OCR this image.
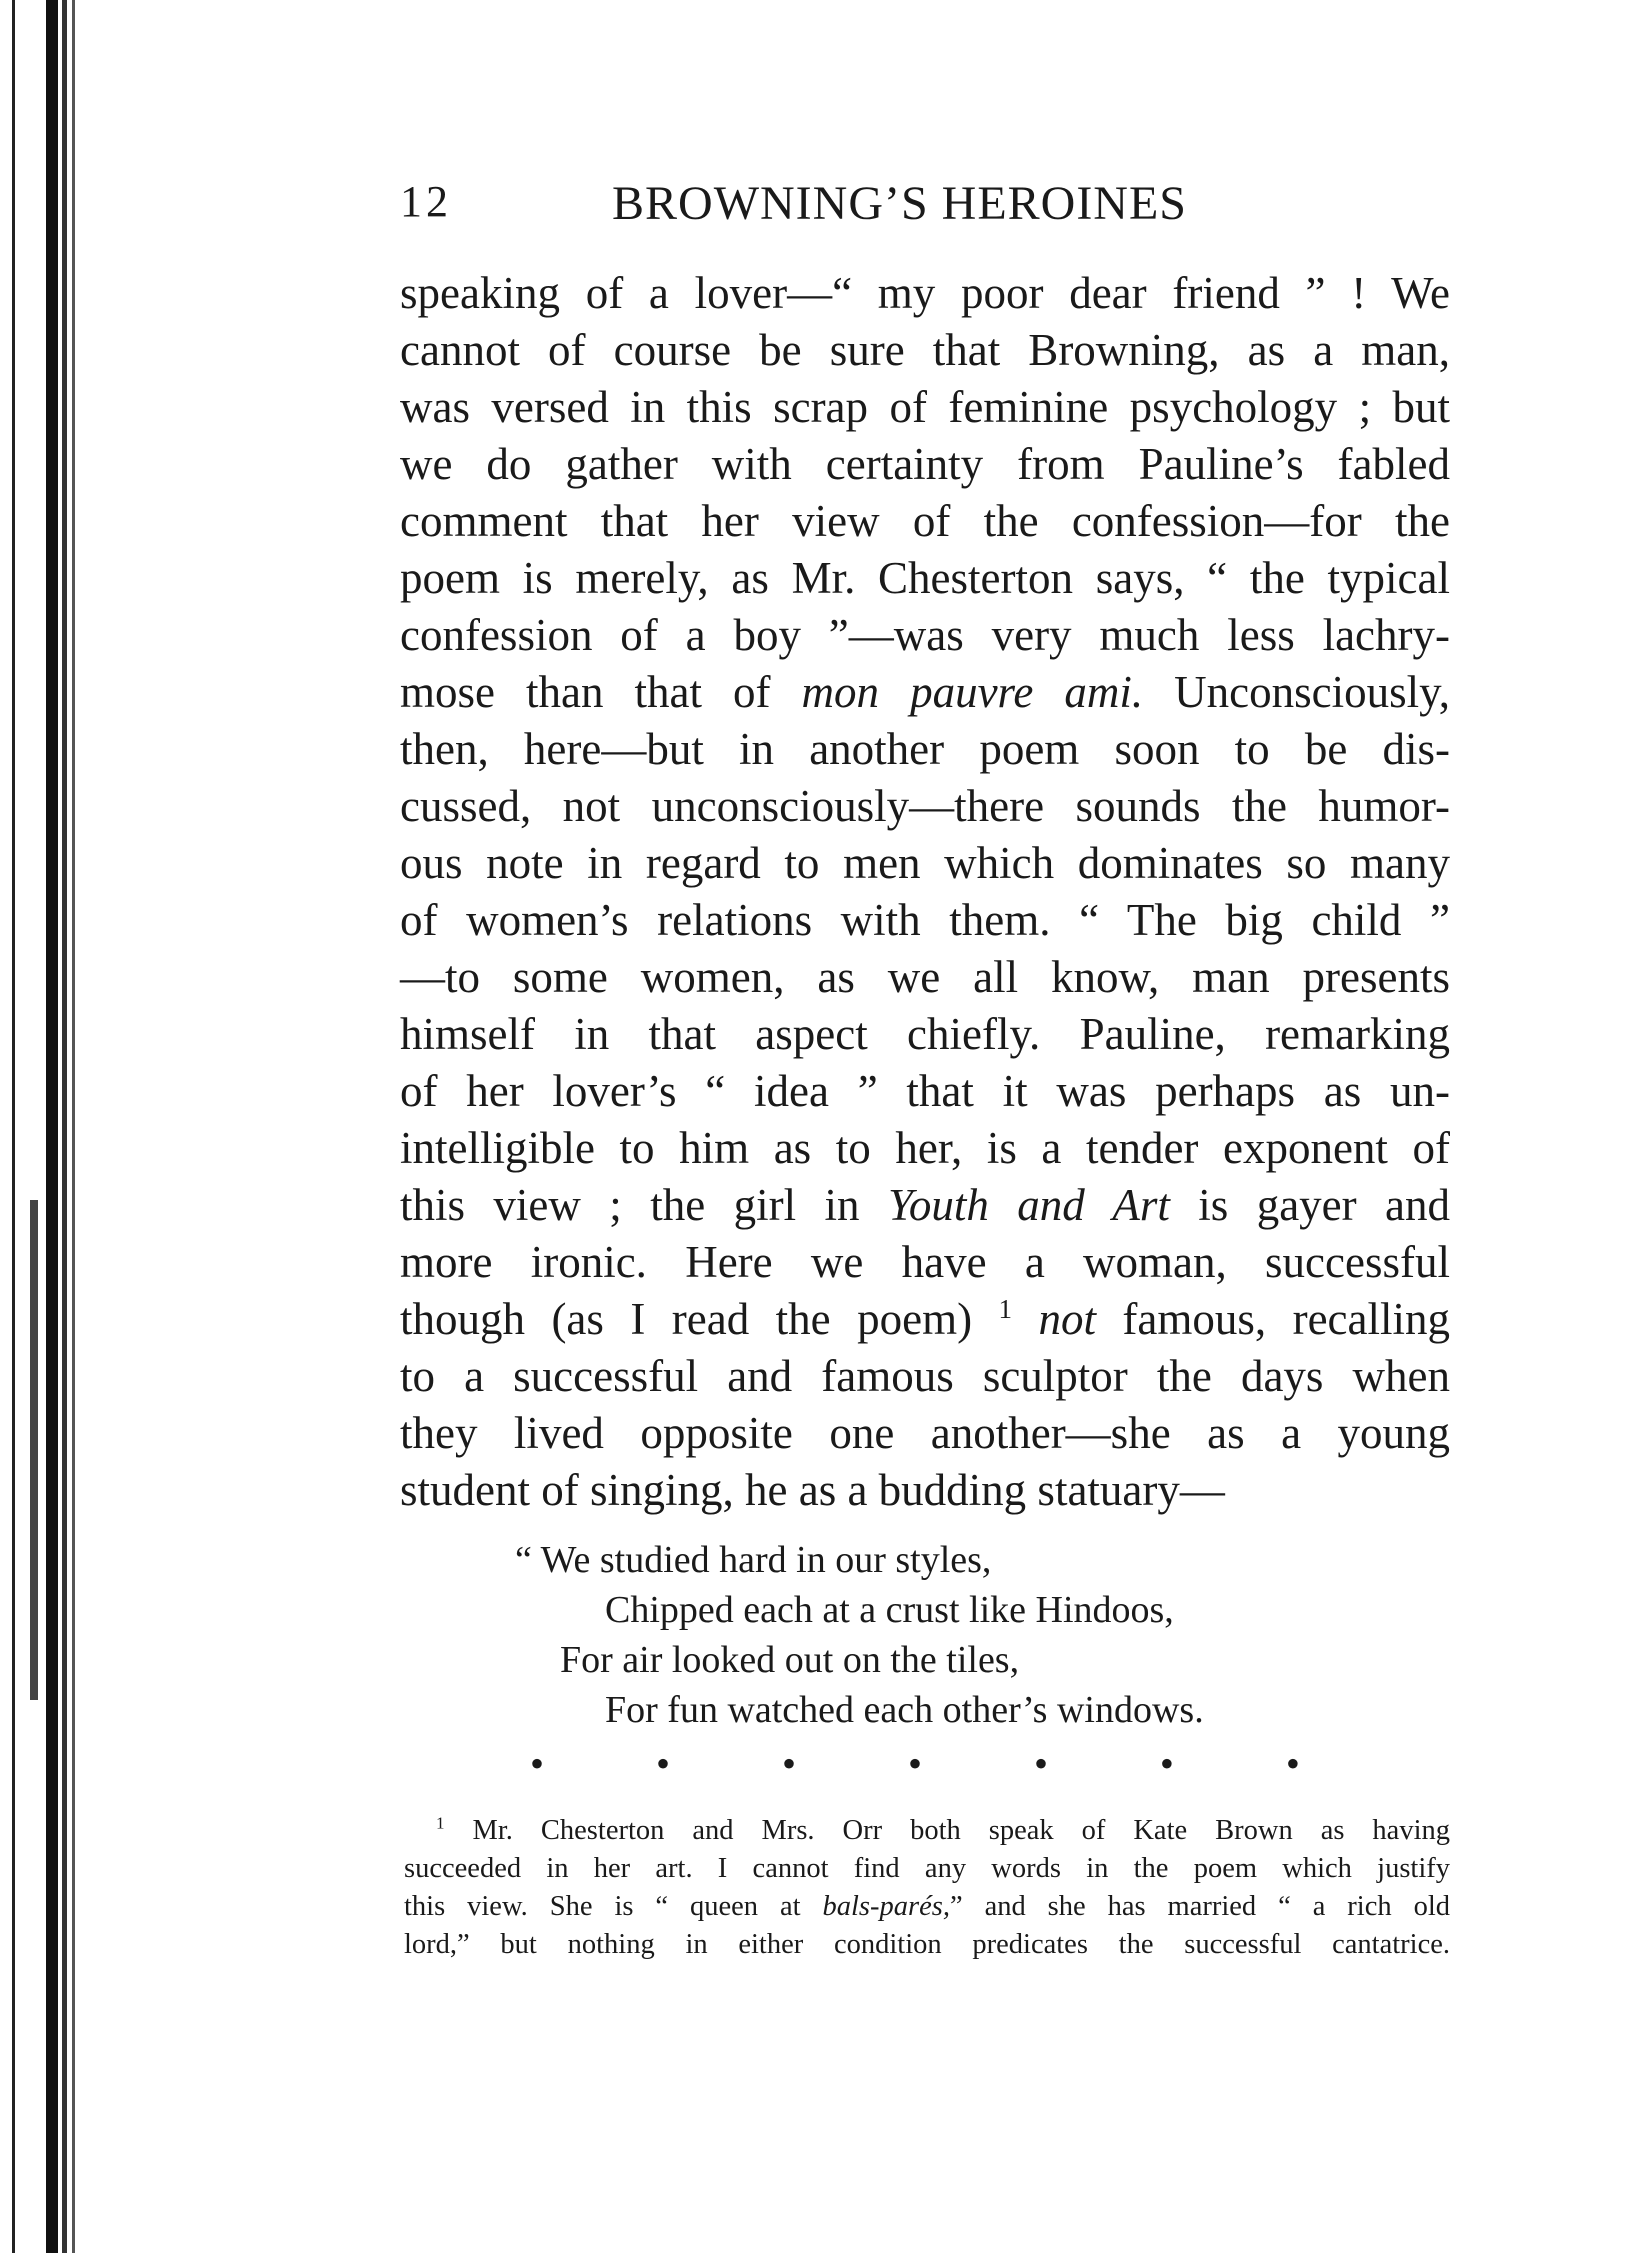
12	BROWNING’S HEROINES
speaking of a lover—“ my poor dear friend ” ! We
cannot of course be sure that Browning, as a man,
was versed in this scrap of feminine psychology ; but
we do gather with certainty from Pauline’s fabled
comment that her view of the confession—for the
poem is merely, as Mr. Chesterton says, “ the typical
confession of a boy ”—was very much less lachry-
mose than that of mon pauvre ami. Unconsciously,
then, here—but in another poem soon to be dis-
cussed, not unconsciously—there sounds the humor-
ous note in regard to men which dominates so many
of women’s relations with them. “ The big child ”
—to some women, as we all know, man presents
himself in that aspect chiefly. Pauline, remarking
of her lover’s “ idea ” that it was perhaps as un-
intelligible to him as to her, is a tender exponent of
this view ; the girl in Youth and Art is gayer and
more ironic. Here we have a woman, successful
though (as I read the poem) $^1$ not famous, recalling
to a successful and famous sculptor the days when
they lived opposite one another—she as a young
student of singing, he as a budding statuary—
“ We studied hard in our styles,
Chipped each at a crust like Hindoos,
For air looked out on the tiles,
For fun watched each other’s windows.
•	•	•	•	•	•	•
$^1$ Mr. Chesterton and Mrs. Orr both speak of Kate Brown as having
succeeded in her art. I cannot find any words in the poem which justify
this view. She is “ queen at bals-parés,” and she has married “ a rich old
lord,” but nothing in either condition predicates the successful cantatrice.
